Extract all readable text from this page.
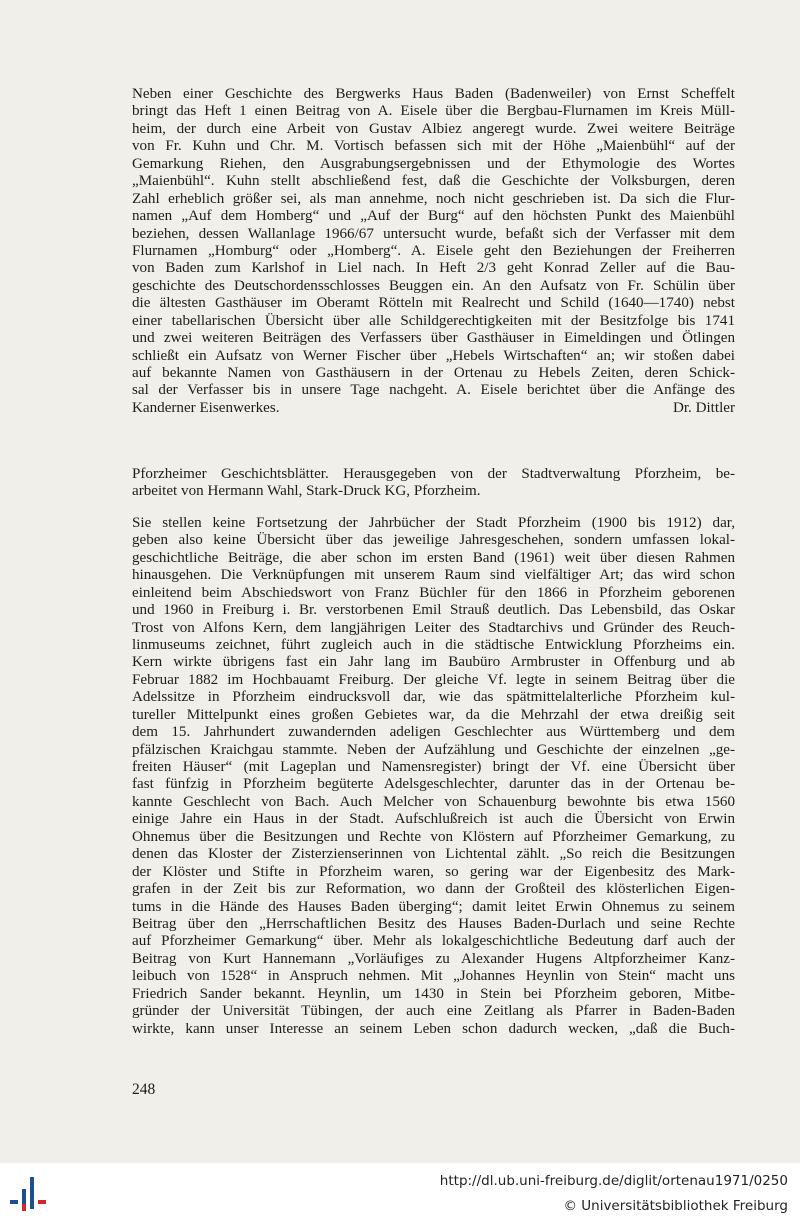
Neben einer Geschichte des Bergwerks Haus Baden (Badenweiler) von Ernst Scheffelt
bringt das Heft 1 einen Beitrag von A. Eisele über die Bergbau-Flurnamen im Kreis Müll-
heim, der durch eine Arbeit von Gustav Albiez angeregt wurde. Zwei weitere Beiträge
von Fr. Kuhn und Chr. M. Vortisch befassen sich mit der Höhe „Maienbühl“ auf der
Gemarkung Riehen, den Ausgrabungsergebnissen und der Ethymologie des Wortes
„Maienbühl“. Kuhn stellt abschließend fest, daß die Geschichte der Volksburgen, deren
Zahl erheblich größer sei, als man annehme, noch nicht geschrieben ist. Da sich die Flur-
namen „Auf dem Homberg“ und „Auf der Burg“ auf den höchsten Punkt des Maienbühl
beziehen, dessen Wallanlage 1966/67 untersucht wurde, befaßt sich der Verfasser mit dem
Flurnamen „Homburg“ oder „Homberg“. A. Eisele geht den Beziehungen der Freiherren
von Baden zum Karlshof in Liel nach. In Heft 2/3 geht Konrad Zeller auf die Bau-
geschichte des Deutschordensschlosses Beuggen ein. An den Aufsatz von Fr. Schülin über
die ältesten Gasthäuser im Oberamt Rötteln mit Realrecht und Schild (1640—1740) nebst
einer tabellarischen Übersicht über alle Schildgerechtigkeiten mit der Besitzfolge bis 1741
und zwei weiteren Beiträgen des Verfassers über Gasthäuser in Eimeldingen und Ötlingen
schließt ein Aufsatz von Werner Fischer über „Hebels Wirtschaften“ an; wir stoßen dabei
auf bekannte Namen von Gasthäusern in der Ortenau zu Hebels Zeiten, deren Schick-
sal der Verfasser bis in unsere Tage nachgeht. A. Eisele berichtet über die Anfänge des
Kanderner Eisenwerkes.	Dr. Dittler
Pforzheimer Geschichtsblätter. Herausgegeben von der Stadtverwaltung Pforzheim, be-
arbeitet von Hermann Wahl, Stark-Druck KG, Pforzheim.
Sie stellen keine Fortsetzung der Jahrbücher der Stadt Pforzheim (1900 bis 1912) dar,
geben also keine Übersicht über das jeweilige Jahresgeschehen, sondern umfassen lokal-
geschichtliche Beiträge, die aber schon im ersten Band (1961) weit über diesen Rahmen
hinausgehen. Die Verknüpfungen mit unserem Raum sind vielfältiger Art; das wird schon
einleitend beim Abschiedswort von Franz Büchler für den 1866 in Pforzheim geborenen
und 1960 in Freiburg i. Br. verstorbenen Emil Strauß deutlich. Das Lebensbild, das Oskar
Trost von Alfons Kern, dem langjährigen Leiter des Stadtarchivs und Gründer des Reuch-
linmuseums zeichnet, führt zugleich auch in die städtische Entwicklung Pforzheims ein.
Kern wirkte übrigens fast ein Jahr lang im Baubüro Armbruster in Offenburg und ab
Februar 1882 im Hochbauamt Freiburg. Der gleiche Vf. legte in seinem Beitrag über die
Adelssitze in Pforzheim eindrucksvoll dar, wie das spätmittelalterliche Pforzheim kul-
tureller Mittelpunkt eines großen Gebietes war, da die Mehrzahl der etwa dreißig seit
dem 15. Jahrhundert zuwandernden adeligen Geschlechter aus Württemberg und dem
pfälzischen Kraichgau stammte. Neben der Aufzählung und Geschichte der einzelnen „ge-
freiten Häuser“ (mit Lageplan und Namensregister) bringt der Vf. eine Übersicht über
fast fünfzig in Pforzheim begüterte Adelsgeschlechter, darunter das in der Ortenau be-
kannte Geschlecht von Bach. Auch Melcher von Schauenburg bewohnte bis etwa 1560
einige Jahre ein Haus in der Stadt. Aufschlußreich ist auch die Übersicht von Erwin
Ohnemus über die Besitzungen und Rechte von Klöstern auf Pforzheimer Gemarkung, zu
denen das Kloster der Zisterzienserinnen von Lichtental zählt. „So reich die Besitzungen
der Klöster und Stifte in Pforzheim waren, so gering war der Eigenbesitz des Mark-
grafen in der Zeit bis zur Reformation, wo dann der Großteil des klösterlichen Eigen-
tums in die Hände des Hauses Baden überging“; damit leitet Erwin Ohnemus zu seinem
Beitrag über den „Herrschaftlichen Besitz des Hauses Baden-Durlach und seine Rechte
auf Pforzheimer Gemarkung“ über. Mehr als lokalgeschichtliche Bedeutung darf auch der
Beitrag von Kurt Hannemann „Vorläufiges zu Alexander Hugens Altpforzheimer Kanz-
leibuch von 1528“ in Anspruch nehmen. Mit „Johannes Heynlin von Stein“ macht uns
Friedrich Sander bekannt. Heynlin, um 1430 in Stein bei Pforzheim geboren, Mitbe-
gründer der Universität Tübingen, der auch eine Zeitlang als Pfarrer in Baden-Baden
wirkte, kann unser Interesse an seinem Leben schon dadurch wecken, „daß die Buch-
248
http://dl.ub.uni-freiburg.de/diglit/ortenau1971/0250
© Universitätsbibliothek Freiburg
